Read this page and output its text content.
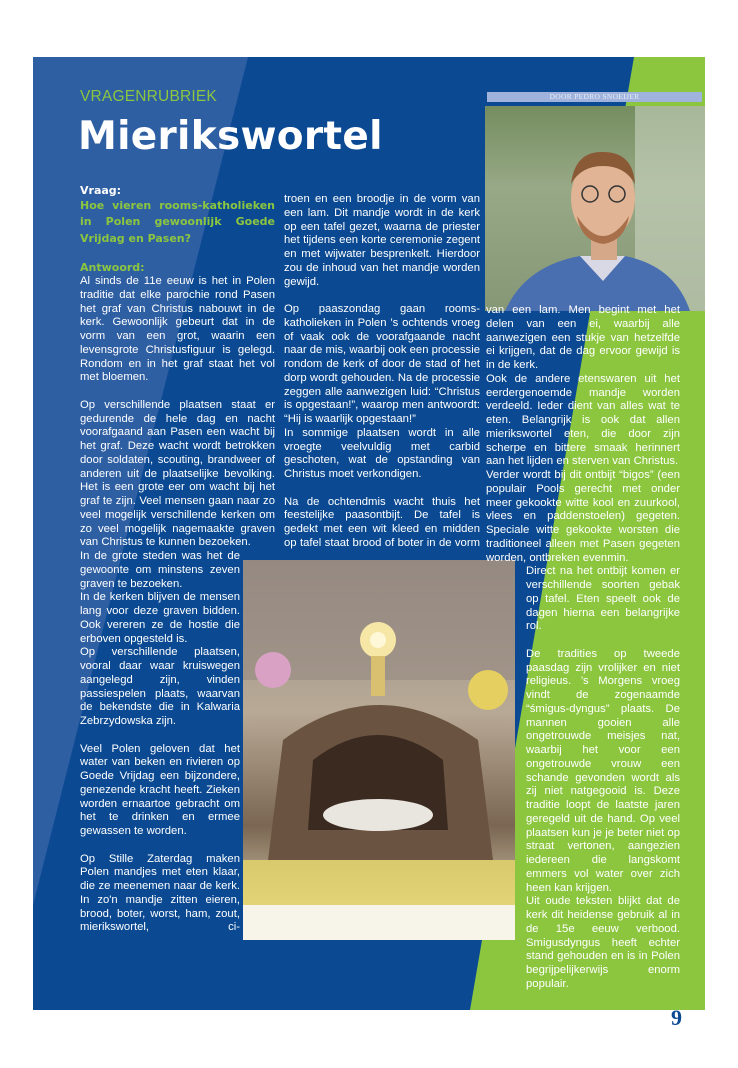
VRAGENRUBRIEK
Mierikswortel
DOOR PEDRO SNOEIJER
Vraag:
Hoe vieren rooms-katholieken in Polen gewoonlijk Goede Vrijdag en Pasen?
Antwoord:

Al sinds de 11e eeuw is het in Polen traditie dat elke parochie rond Pasen het graf van Christus nabouwt in de kerk. Gewoonlijk gebeurt dat in de vorm van een grot, waarin een levensgrote Christusfiguur is gelegd. Rondom en in het graf staat het vol met bloemen.

Op verschillende plaatsen staat er gedurende de hele dag en nacht voorafgaand aan Pasen een wacht bij het graf. Deze wacht wordt betrokken door soldaten, scouting, brandweer of anderen uit de plaatselijke bevolking. Het is een grote eer om wacht bij het graf te zijn. Veel mensen gaan naar zo veel mogelijk verschillende kerken om zo veel mogelijk nagemaakte graven van Christus te kunnen bezoeken.

In de grote steden was het de gewoonte om minstens zeven graven te bezoeken.

In de kerken blijven de mensen lang voor deze graven bidden. Ook vereren ze de hostie die erboven opgesteld is.

Op verschillende plaatsen, vooral daar waar kruiswegen aangelegd zijn, vinden passiespelen plaats, waarvan de bekendste die in Kalwaria Zebrzydowska zijn.

Veel Polen geloven dat het water van beken en rivieren op Goede Vrijdag een bijzondere, genezende kracht heeft. Zieken worden ernaartoe gebracht om het te drinken en ermee gewassen te worden.

Op Stille Zaterdag maken Polen mandjes met eten klaar, die ze meenemen naar de kerk. In zo'n mandje zitten eieren, brood, boter, worst, ham, zout, mierikswortel, ci-

troen en een broodje in de vorm van een lam. Dit mandje wordt in de kerk op een tafel gezet, waarna de priester het tijdens een korte ceremonie zegent en met wijwater besprenkelt. Hierdoor zou de inhoud van het mandje worden gewijd.

Op paaszondag gaan rooms-katholieken in Polen ’s ochtends vroeg of vaak ook de voorafgaande nacht naar de mis, waarbij ook een processie rondom de kerk of door de stad of het dorp wordt gehouden. Na de processie zeggen alle aanwezigen luid: “Christus is opgestaan!”, waarop men antwoordt: “Hij is waarlijk opgestaan!”

In sommige plaatsen wordt in alle vroegte veelvuldig met carbid geschoten, wat de opstanding van Christus moet verkondigen.

Na de ochtendmis wacht thuis het feestelijke paasontbijt. De tafel is gedekt met een wit kleed en midden op tafel staat brood of boter in de vorm

van een lam. Men begint met het delen van een ei, waarbij alle aanwezigen een stukje van hetzelfde ei krijgen, dat de dag ervoor gewijd is in de kerk.

Ook de andere etenswaren uit het eerdergenoemde mandje worden verdeeld. Ieder dient van alles wat te eten. Belangrijk is ook dat allen mierikswortel eten, die door zijn scherpe en bittere smaak herinnert aan het lijden en sterven van Christus.

Verder wordt bij dit ontbijt “bigos” (een populair Pools gerecht met onder meer gekookte witte kool en zuurkool, vlees en paddenstoelen) gegeten. Speciale witte gekookte worsten die traditioneel alleen met Pasen gegeten worden, ontbreken evenmin.

Direct na het ontbijt komen er verschillende soorten gebak op tafel. Eten speelt ook de dagen hierna een belangrijke rol.

De tradities op tweede paasdag zijn vrolijker en niet religieus. ’s Morgens vroeg vindt de zogenaamde “śmigus-dyngus” plaats. De mannen gooien alle ongetrouwde meisjes nat, waarbij het voor een ongetrouwde vrouw een schande gevonden wordt als zij niet natgegooid is. Deze traditie loopt de laatste jaren geregeld uit de hand. Op veel plaatsen kun je je beter niet op straat vertonen, aangezien iedereen die langskomt emmers vol water over zich heen kan krijgen.

Uit oude teksten blijkt dat de kerk dit heidense gebruik al in de 15e eeuw verbood. Smigusdyngus heeft echter stand gehouden en is in Polen begrijpelijkerwijs enorm populair.

In de Rechte Straat 9
